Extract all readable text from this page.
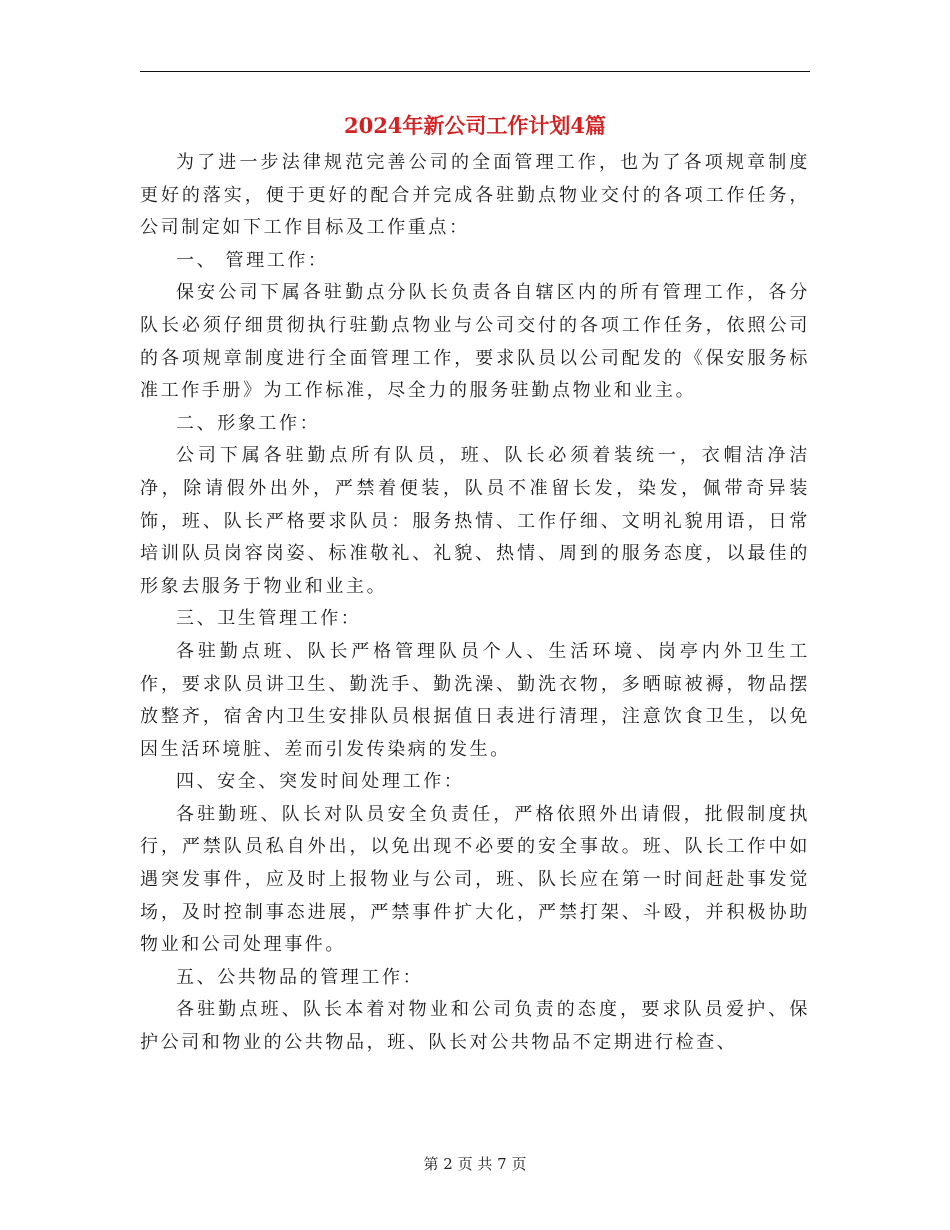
2024年新公司工作计划4篇

为了进一步法律规范完善公司的全面管理工作，也为了各项规章制度更好的落实，便于更好的配合并完成各驻勤点物业交付的各项工作任务，公司制定如下工作目标及工作重点：

一、 管理工作：

保安公司下属各驻勤点分队长负责各自辖区内的所有管理工作，各分队长必须仔细贯彻执行驻勤点物业与公司交付的各项工作任务，依照公司的各项规章制度进行全面管理工作，要求队员以公司配发的《保安服务标准工作手册》为工作标准，尽全力的服务驻勤点物业和业主。

二、形象工作：

公司下属各驻勤点所有队员，班、队长必须着装统一，衣帽洁净洁净，除请假外出外，严禁着便装，队员不准留长发，染发，佩带奇异装饰，班、队长严格要求队员：服务热情、工作仔细、文明礼貌用语，日常培训队员岗容岗姿、标准敬礼、礼貌、热情、周到的服务态度，以最佳的形象去服务于物业和业主。

三、卫生管理工作：

各驻勤点班、队长严格管理队员个人、生活环境、岗亭内外卫生工作，要求队员讲卫生、勤洗手、勤洗澡、勤洗衣物，多晒晾被褥，物品摆放整齐，宿舍内卫生安排队员根据值日表进行清理，注意饮食卫生，以免因生活环境脏、差而引发传染病的发生。

四、安全、突发时间处理工作：

各驻勤班、队长对队员安全负责任，严格依照外出请假，批假制度执行，严禁队员私自外出，以免出现不必要的安全事故。班、队长工作中如遇突发事件，应及时上报物业与公司，班、队长应在第一时间赶赴事发觉场，及时控制事态进展，严禁事件扩大化，严禁打架、斗殴，并积极协助物业和公司处理事件。

五、公共物品的管理工作：

各驻勤点班、队长本着对物业和公司负责的态度，要求队员爱护、保护公司和物业的公共物品，班、队长对公共物品不定期进行检查、

第 2 页 共 7 页
